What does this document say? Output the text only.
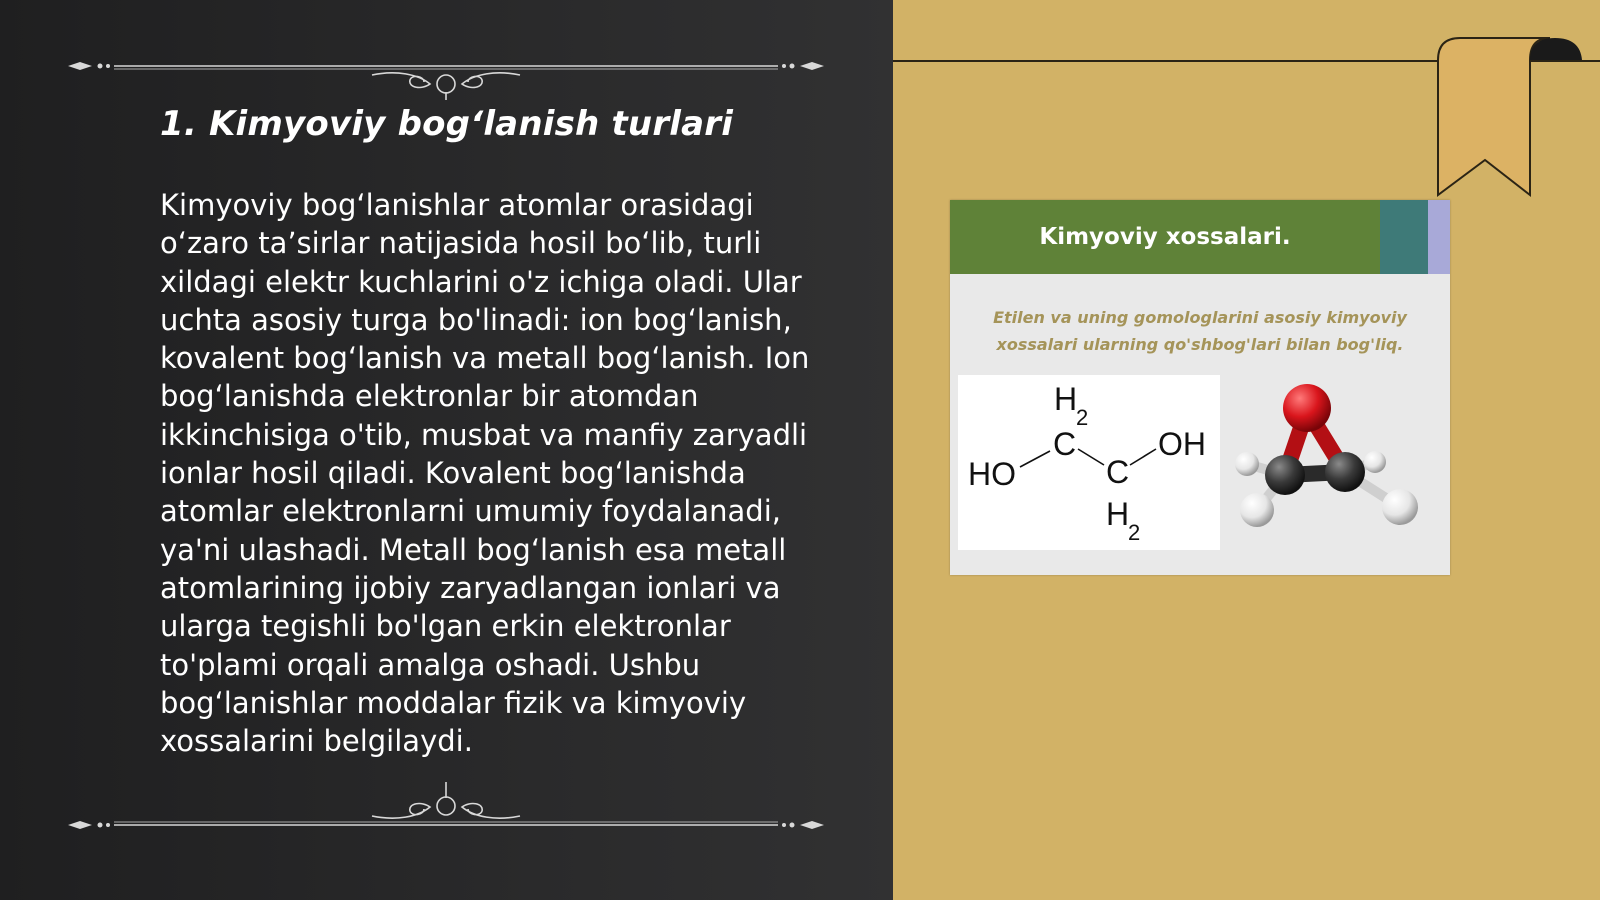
1. Kimyoviy bog‘lanish turlari

Kimyoviy bog‘lanishlar atomlar orasidagi o‘zaro ta’sirlar natijasida hosil bo‘lib, turli xildagi elektr kuchlarini o'z ichiga oladi. Ular uchta asosiy turga bo'linadi: ion bog‘lanish, kovalent bog‘lanish va metall bog‘lanish. Ion bog‘lanishda elektronlar bir atomdan ikkinchisiga o'tib, musbat va manfiy zaryadli ionlar hosil qiladi. Kovalent bog‘lanishda atomlar elektronlarni umumiy foydalanadi, ya'ni ulashadi. Metall bog‘lanish esa metall atomlarining ijobiy zaryadlangan ionlari va ularga tegishli bo'lgan erkin elektronlar to'plami orqali amalga oshadi. Ushbu bog‘lanishlar moddalar fizik va kimyoviy xossalarini belgilaydi.

Kimyoviy xossalari.

Etilen va uning gomologlarini asosiy kimyoviy xossalari ularning qo'shbog'lari bilan bog'liq.

H
2
C
C
OH
HO
H
2
